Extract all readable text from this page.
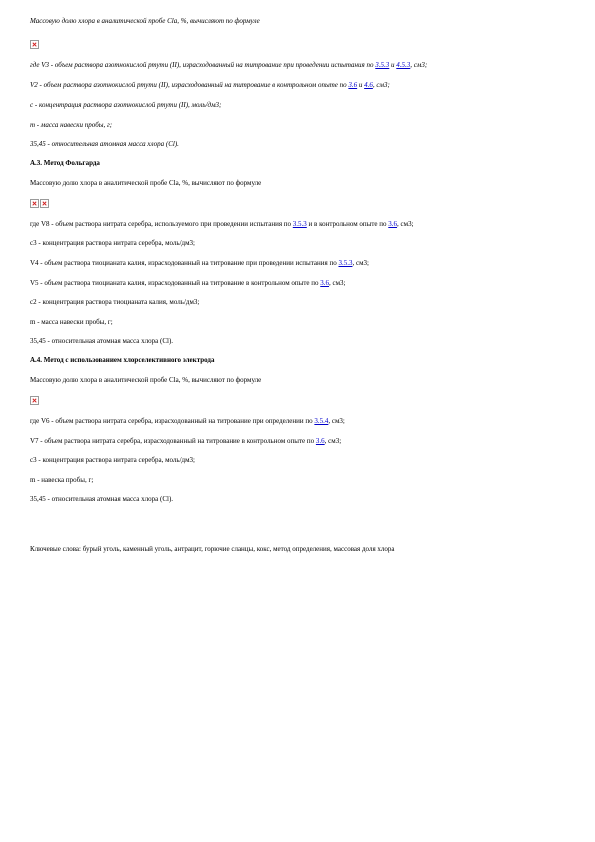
Массовую долю хлора в аналитической пробе Clа, %, вычисляют по формуле
где V3 - объем раствора азотнокислой ртути (II), израсходованный на титрование при проведении испытания по 3.5.3 и 4.5.3, см3;
V2 - объем раствора азотнокислой ртути (II), израсходованный на титрование в контрольном опыте по 3.6 и 4.6, см3;
c - концентрация раствора азотнокислой ртути (II), моль/дм3;
m - масса навески пробы, г;
35,45 - относительная атомная масса хлора (Cl).
А.3. Метод Фольгарда
Массовую долю хлора в аналитической пробе Clа, %, вычисляют по формуле
где V8 - объем раствора нитрата серебра, используемого при проведении испытания по 3.5.3 и в контрольном опыте по 3.6, см3;
c3 - концентрация раствора нитрата серебра, моль/дм3;
V4 - объем раствора тиоцианата калия, израсходованный на титрование при проведении испытания по 3.5.3, см3;
V5 - объем раствора тиоцианата калия, израсходованный на титрование в контрольном опыте по 3.6, см3;
c2 - концентрация раствора тиоцианата калия, моль/дм3;
m - масса навески пробы, г;
35,45 - относительная атомная масса хлора (Cl).
А.4. Метод с использованием хлорселективного электрода
Массовую долю хлора в аналитической пробе Clа, %, вычисляют по формуле
где V6 - объем раствора нитрата серебра, израсходованный на титрование при определении по 3.5.4, см3;
V7 - объем раствора нитрата серебра, израсходованный на титрование в контрольном опыте по 3.6, см3;
c3 - концентрация раствора нитрата серебра, моль/дм3;
m - навеска пробы, г;
35,45 - относительная атомная масса хлора (Cl).
Ключевые слова: бурый уголь, каменный уголь, антрацит, горючие сланцы, кокс, метод определения, массовая доля хлора
